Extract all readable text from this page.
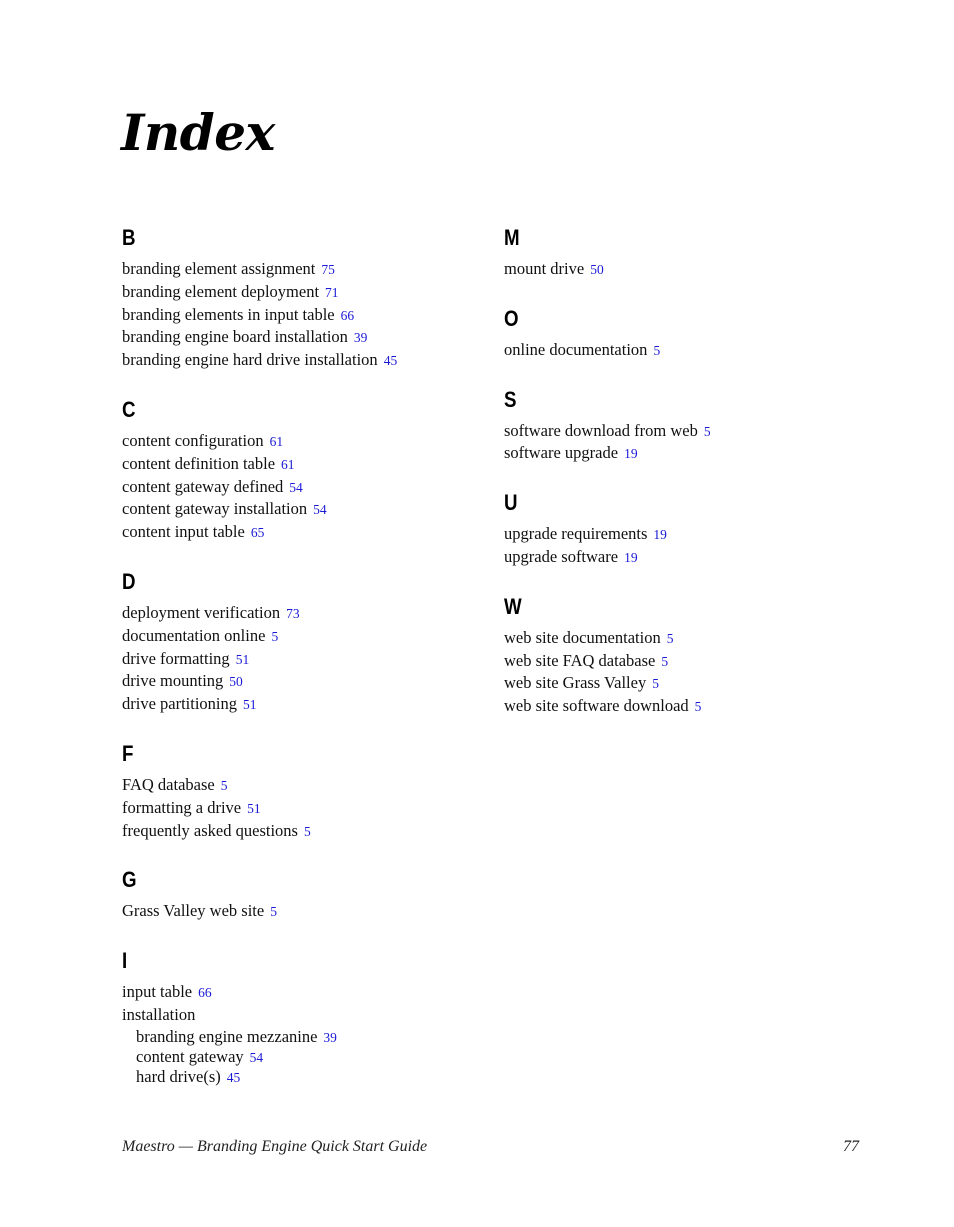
Index
B
branding element assignment 75
branding element deployment 71
branding elements in input table 66
branding engine board installation 39
branding engine hard drive installation 45
C
content configuration 61
content definition table 61
content gateway defined 54
content gateway installation 54
content input table 65
D
deployment verification 73
documentation online 5
drive formatting 51
drive mounting 50
drive partitioning 51
F
FAQ database 5
formatting a drive 51
frequently asked questions 5
G
Grass Valley web site 5
I
input table 66
installation
branding engine mezzanine 39
content gateway 54
hard drive(s) 45
M
mount drive 50
O
online documentation 5
S
software download from web 5
software upgrade 19
U
upgrade requirements 19
upgrade software 19
W
web site documentation 5
web site FAQ database 5
web site Grass Valley 5
web site software download 5
Maestro — Branding Engine Quick Start Guide	77
